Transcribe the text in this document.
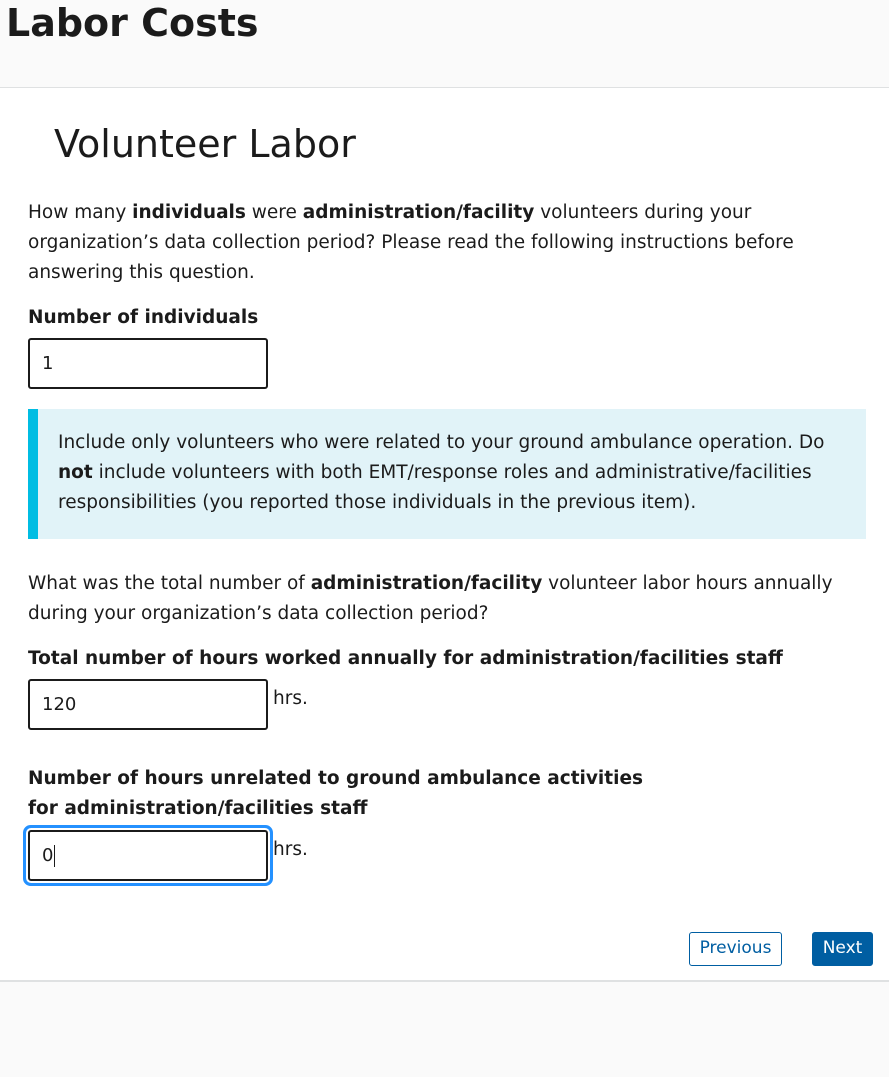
Labor Costs
Volunteer Labor

How many individuals were administration/facility volunteers during your organization’s data collection period? Please read the following instructions before answering this question.

Number of individuals
1
Include only volunteers who were related to your ground ambulance operation. Do not include volunteers with both EMT/response roles and administrative/facilities responsibilities (you reported those individuals in the previous item).

What was the total number of administration/facility volunteer labor hours annually during your organization’s data collection period?

Total number of hours worked annually for administration/facilities staff
120	hrs.
Number of hours unrelated to ground ambulance activities for administration/facilities staff
0	hrs.
Previous	Next
